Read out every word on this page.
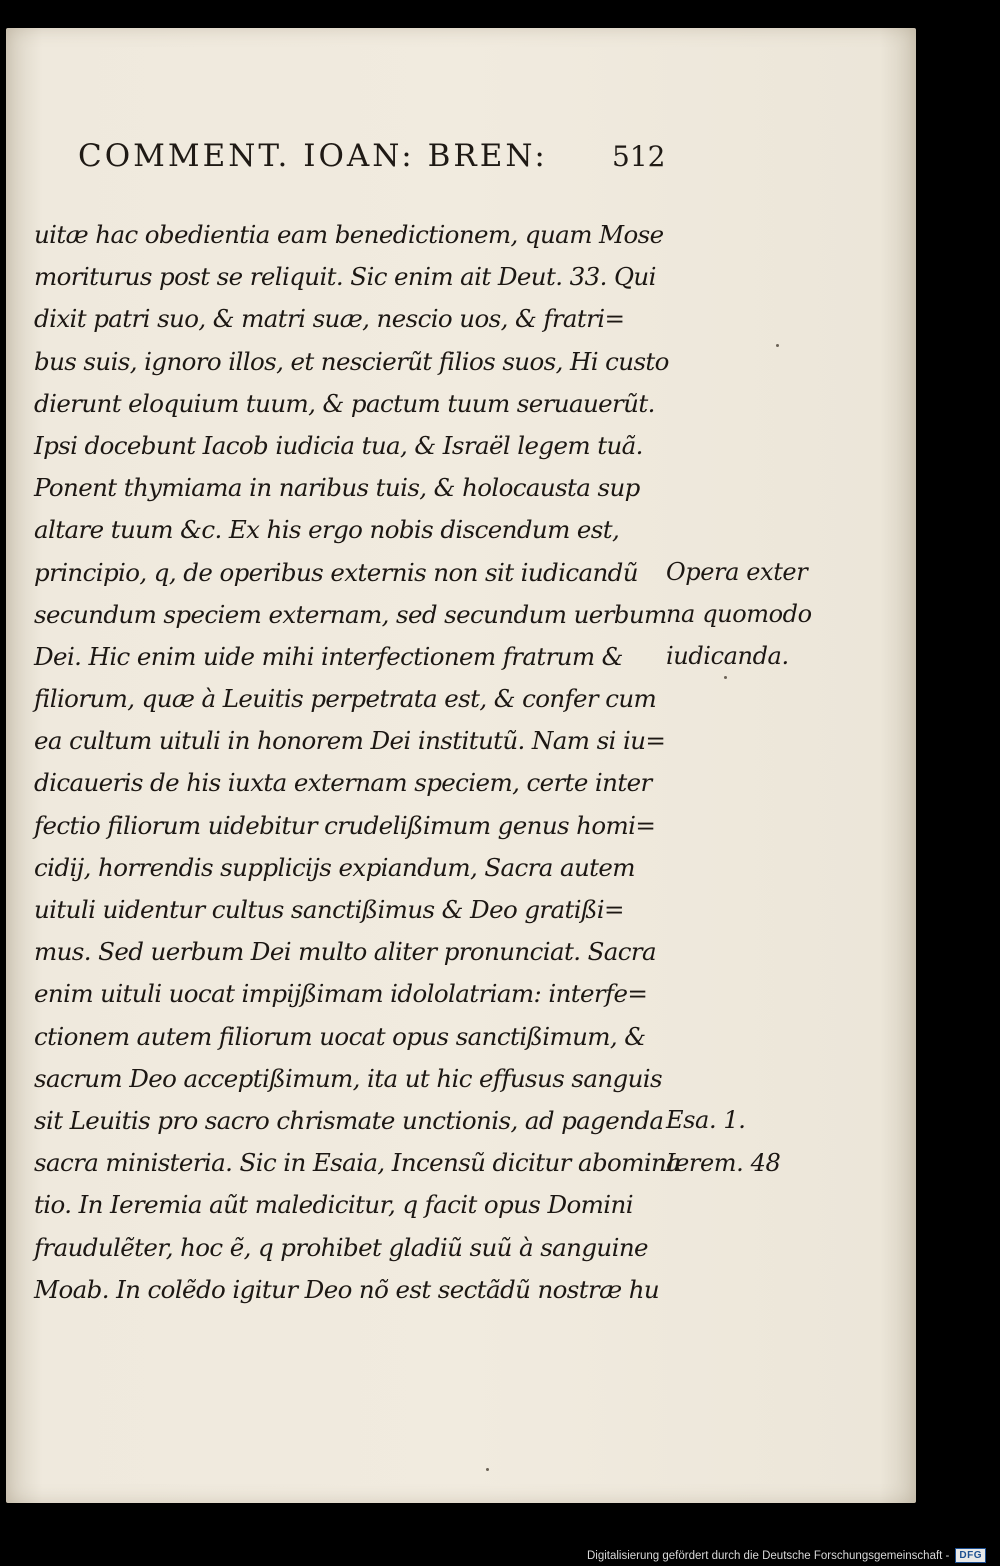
COMMENT. IOAN: BREN:	512
uitæ hac obedientia eam benedictionem, quam Mose
moriturus post se reliquit. Sic enim ait Deut. 33. Qui
dixit patri suo, & matri suæ, nescio uos, & fratri=
bus suis, ignoro illos, et nescierũt filios suos, Hi custo
dierunt eloquium tuum, & pactum tuum seruauerũt.
Ipsi docebunt Iacob iudicia tua, & Israël legem tuã.
Ponent thymiama in naribus tuis, & holocausta sup
altare tuum &c. Ex his ergo nobis discendum est,
principio, q, de operibus externis non sit iudicandũ
secundum speciem externam, sed secundum uerbum
Dei. Hic enim uide mihi interfectionem fratrum &
filiorum, quæ à Leuitis perpetrata est, & confer cum
ea cultum uituli in honorem Dei institutũ. Nam si iu=
dicaueris de his iuxta externam speciem, certe inter
fectio filiorum uidebitur crudelißimum genus homi=
cidij, horrendis supplicijs expiandum, Sacra autem
uituli uidentur cultus sanctißimus & Deo gratißi=
mus. Sed uerbum Dei multo aliter pronunciat. Sacra
enim uituli uocat impijßimam idololatriam: interfe=
ctionem autem filiorum uocat opus sanctißimum, &
sacrum Deo acceptißimum, ita ut hic effusus sanguis
sit Leuitis pro sacro chrismate unctionis, ad pagenda
sacra ministeria. Sic in Esaia, Incensũ dicitur abomina
tio. In Ieremia aũt maledicitur, q facit opus Domini
fraudulẽter, hoc ẽ, q prohibet gladiũ suũ à sanguine
Moab. In colẽdo igitur Deo nõ est sectãdũ nostræ hu
Opera exter
na quomodo
iudicanda.
Esa. 1.
Ierem. 48
Digitalisierung gefördert durch die Deutsche Forschungsgemeinschaft -	DFG
